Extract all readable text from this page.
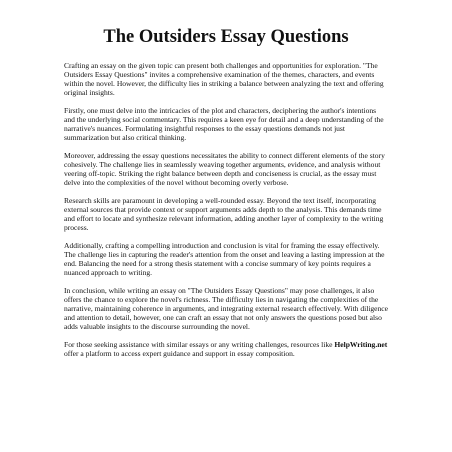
The Outsiders Essay Questions

Crafting an essay on the given topic can present both challenges and opportunities for exploration. "The Outsiders Essay Questions" invites a comprehensive examination of the themes, characters, and events within the novel. However, the difficulty lies in striking a balance between analyzing the text and offering original insights.

Firstly, one must delve into the intricacies of the plot and characters, deciphering the author's intentions and the underlying social commentary. This requires a keen eye for detail and a deep understanding of the narrative's nuances. Formulating insightful responses to the essay questions demands not just summarization but also critical thinking.

Moreover, addressing the essay questions necessitates the ability to connect different elements of the story cohesively. The challenge lies in seamlessly weaving together arguments, evidence, and analysis without veering off-topic. Striking the right balance between depth and conciseness is crucial, as the essay must delve into the complexities of the novel without becoming overly verbose.

Research skills are paramount in developing a well-rounded essay. Beyond the text itself, incorporating external sources that provide context or support arguments adds depth to the analysis. This demands time and effort to locate and synthesize relevant information, adding another layer of complexity to the writing process.

Additionally, crafting a compelling introduction and conclusion is vital for framing the essay effectively. The challenge lies in capturing the reader's attention from the onset and leaving a lasting impression at the end. Balancing the need for a strong thesis statement with a concise summary of key points requires a nuanced approach to writing.

In conclusion, while writing an essay on "The Outsiders Essay Questions" may pose challenges, it also offers the chance to explore the novel's richness. The difficulty lies in navigating the complexities of the narrative, maintaining coherence in arguments, and integrating external research effectively. With diligence and attention to detail, however, one can craft an essay that not only answers the questions posed but also adds valuable insights to the discourse surrounding the novel.

For those seeking assistance with similar essays or any writing challenges, resources like HelpWriting.net offer a platform to access expert guidance and support in essay composition.
